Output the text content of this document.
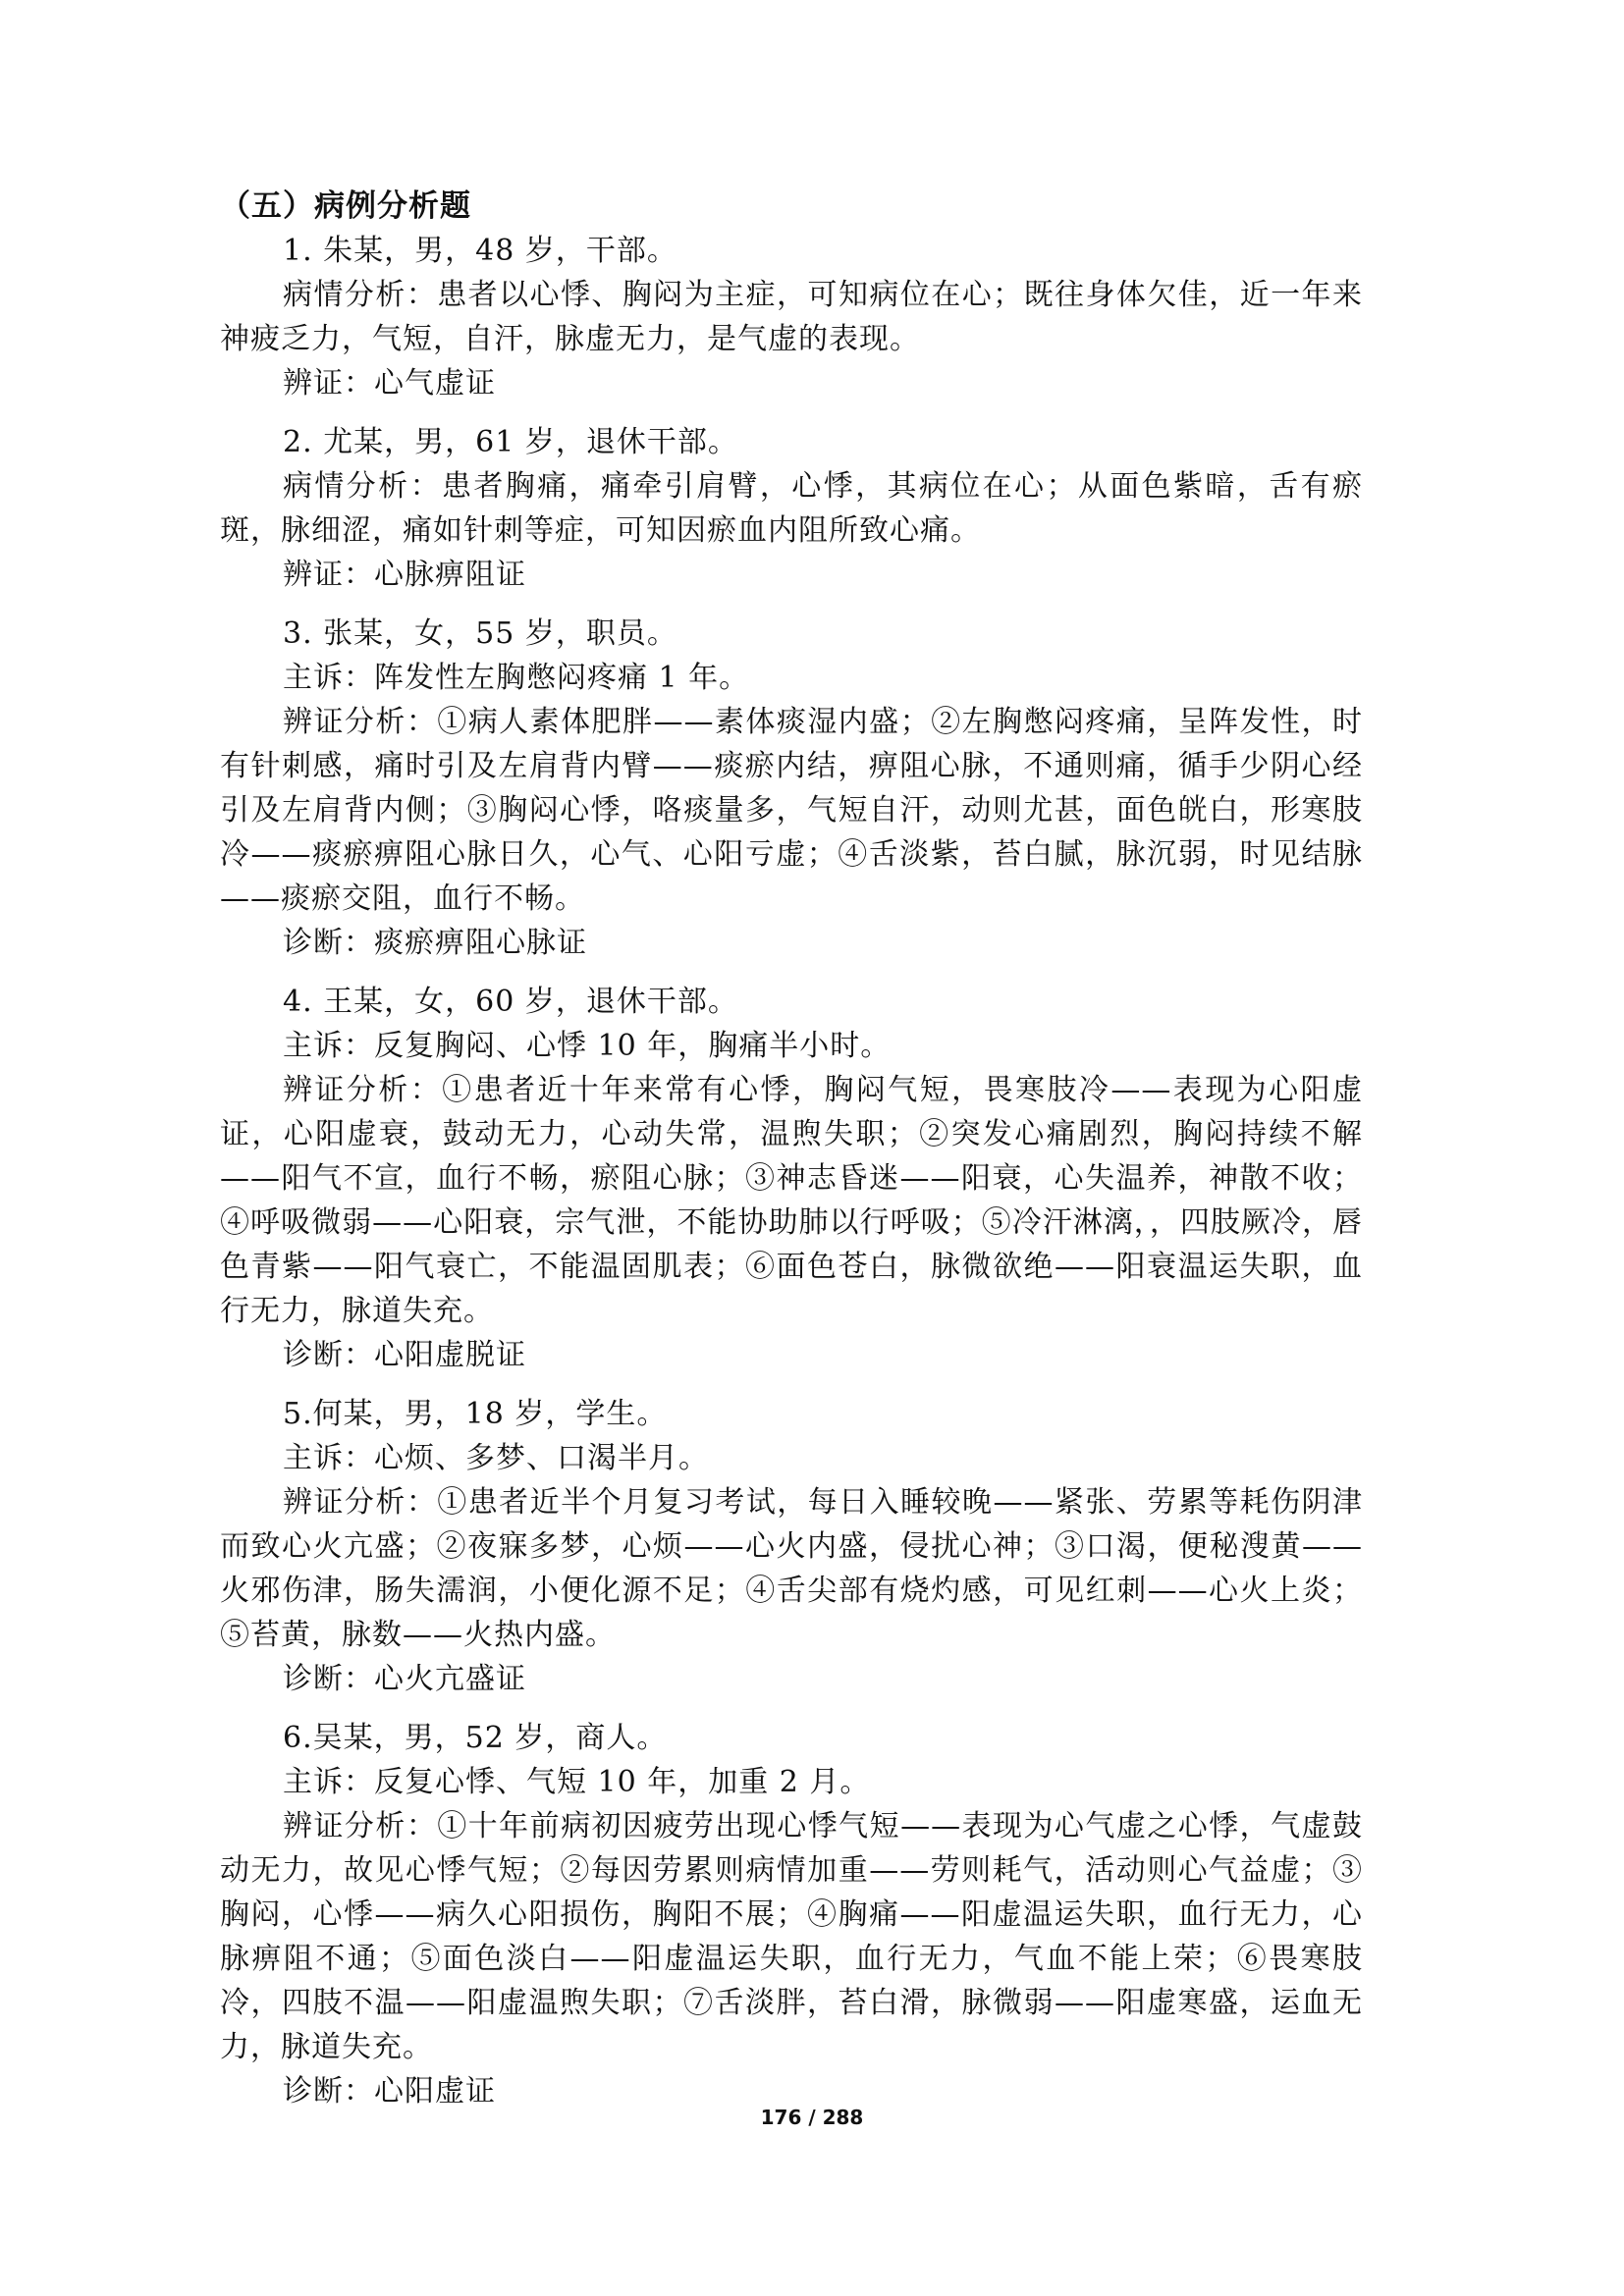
（五）病例分析题

1. 朱某，男，48 岁，干部。

病情分析：患者以心悸、胸闷为主症，可知病位在心；既往身体欠佳，近一年来神疲乏力，气短，自汗，脉虚无力，是气虚的表现。

辨证：心气虚证

2. 尤某，男，61 岁，退休干部。

病情分析：患者胸痛，痛牵引肩臂，心悸，其病位在心；从面色紫暗，舌有瘀斑，脉细涩，痛如针刺等症，可知因瘀血内阻所致心痛。

辨证：心脉痹阻证

3. 张某，女，55 岁，职员。

主诉：阵发性左胸憋闷疼痛 1 年。

辨证分析：①病人素体肥胖——素体痰湿内盛；②左胸憋闷疼痛，呈阵发性，时有针刺感，痛时引及左肩背内臂——痰瘀内结，痹阻心脉，不通则痛，循手少阴心经引及左肩背内侧；③胸闷心悸，咯痰量多，气短自汗，动则尤甚，面色㿠白，形寒肢冷——痰瘀痹阻心脉日久，心气、心阳亏虚；④舌淡紫，苔白腻，脉沉弱，时见结脉——痰瘀交阻，血行不畅。

诊断：痰瘀痹阻心脉证

4. 王某，女，60 岁，退休干部。

主诉：反复胸闷、心悸 10 年，胸痛半小时。

辨证分析：①患者近十年来常有心悸，胸闷气短，畏寒肢冷——表现为心阳虚证，心阳虚衰，鼓动无力，心动失常，温煦失职；②突发心痛剧烈，胸闷持续不解——阳气不宣，血行不畅，瘀阻心脉；③神志昏迷——阳衰，心失温养，神散不收；④呼吸微弱——心阳衰，宗气泄，不能协助肺以行呼吸；⑤冷汗淋漓，，四肢厥冷，唇色青紫——阳气衰亡，不能温固肌表；⑥面色苍白，脉微欲绝——阳衰温运失职，血行无力，脉道失充。

诊断：心阳虚脱证

5.何某，男，18 岁，学生。

主诉：心烦、多梦、口渴半月。

辨证分析：①患者近半个月复习考试，每日入睡较晚——紧张、劳累等耗伤阴津而致心火亢盛；②夜寐多梦，心烦——心火内盛，侵扰心神；③口渴，便秘溲黄——火邪伤津，肠失濡润，小便化源不足；④舌尖部有烧灼感，可见红刺——心火上炎；⑤苔黄，脉数——火热内盛。

诊断：心火亢盛证

6.吴某，男，52 岁，商人。

主诉：反复心悸、气短 10 年，加重 2 月。

辨证分析：①十年前病初因疲劳出现心悸气短——表现为心气虚之心悸，气虚鼓动无力，故见心悸气短；②每因劳累则病情加重——劳则耗气，活动则心气益虚；③胸闷，心悸——病久心阳损伤，胸阳不展；④胸痛——阳虚温运失职，血行无力，心脉痹阻不通；⑤面色淡白——阳虚温运失职，血行无力，气血不能上荣；⑥畏寒肢冷，四肢不温——阳虚温煦失职；⑦舌淡胖，苔白滑，脉微弱——阳虚寒盛，运血无力，脉道失充。

诊断：心阳虚证

176 / 288
